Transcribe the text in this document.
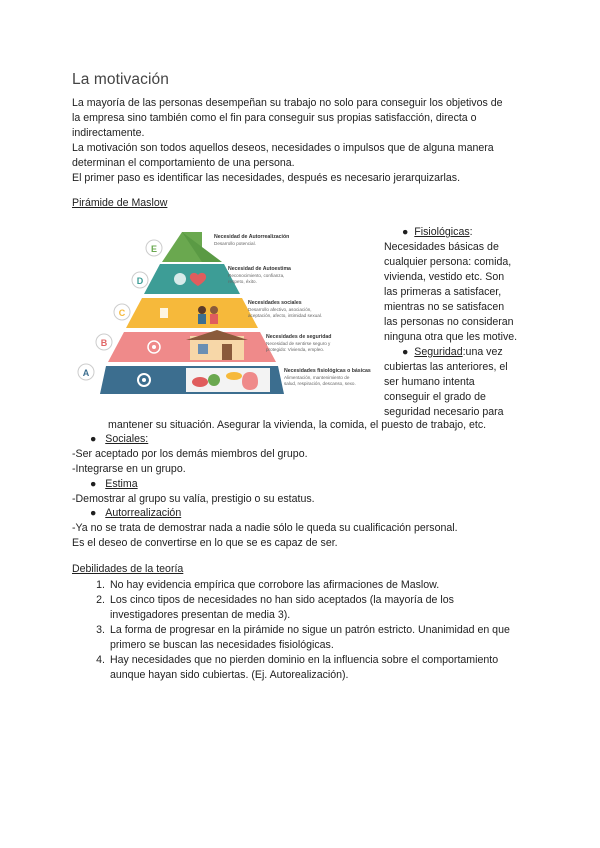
La motivación
La mayoría de las personas desempeñan su trabajo no solo para conseguir los objetivos de
la empresa sino también como el fin para conseguir sus propias satisfacción, directa o
indirectamente.
La motivación son todos aquellos deseos, necesidades o impulsos que de alguna manera
determinan el comportamiento de una persona.
El primer paso es identificar las necesidades, después es necesario jerarquizarlas.
Pirámide de Maslow
E
Necesidad de Autorrealización
Desarrollo potencial.
D
Necesidad de Autoestima
Reconocimiento, confianza,
respeto, éxito.
C
Necesidades sociales
Desarrollo afectivo, asociación,
aceptación, afecto, intimidad sexual.
B
Necesidades de seguridad
Necesidad de sentirse seguro y
protegido: Vivienda, empleo.
A	Necesidades fisiológicas o básicas
Alimentación, mantenimiento de
salud, respiración, descanso, sexo.
● Fisiológicas:
Necesidades básicas de
cualquier persona: comida,
vivienda, vestido etc. Son
las primeras a satisfacer,
mientras no se satisfacen
las personas no consideran
ninguna otra que les motive.
● Seguridad:una vez
cubiertas las anteriores, el
ser humano intenta
conseguir el grado de
seguridad necesario para
mantener su situación. Asegurar la vivienda, la comida, el puesto de trabajo, etc.
● Sociales:
-Ser aceptado por los demás miembros del grupo.
-Integrarse en un grupo.
● Estima
-Demostrar al grupo su valía, prestigio o su estatus.
● Autorrealización
-Ya no se trata de demostrar nada a nadie sólo le queda su cualificación personal.
Es el deseo de convertirse en lo que se es capaz de ser.
Debilidades de la teoría
1. No hay evidencia empírica que corrobore las afirmaciones de Maslow.
2. Los cinco tipos de necesidades no han sido aceptados (la mayoría de los
investigadores presentan de media 3).
3. La forma de progresar en la pirámide no sigue un patrón estricto. Unanimidad en que
primero se buscan las necesidades fisiológicas.
4. Hay necesidades que no pierden dominio en la influencia sobre el comportamiento
aunque hayan sido cubiertas. (Ej. Autorealización).
